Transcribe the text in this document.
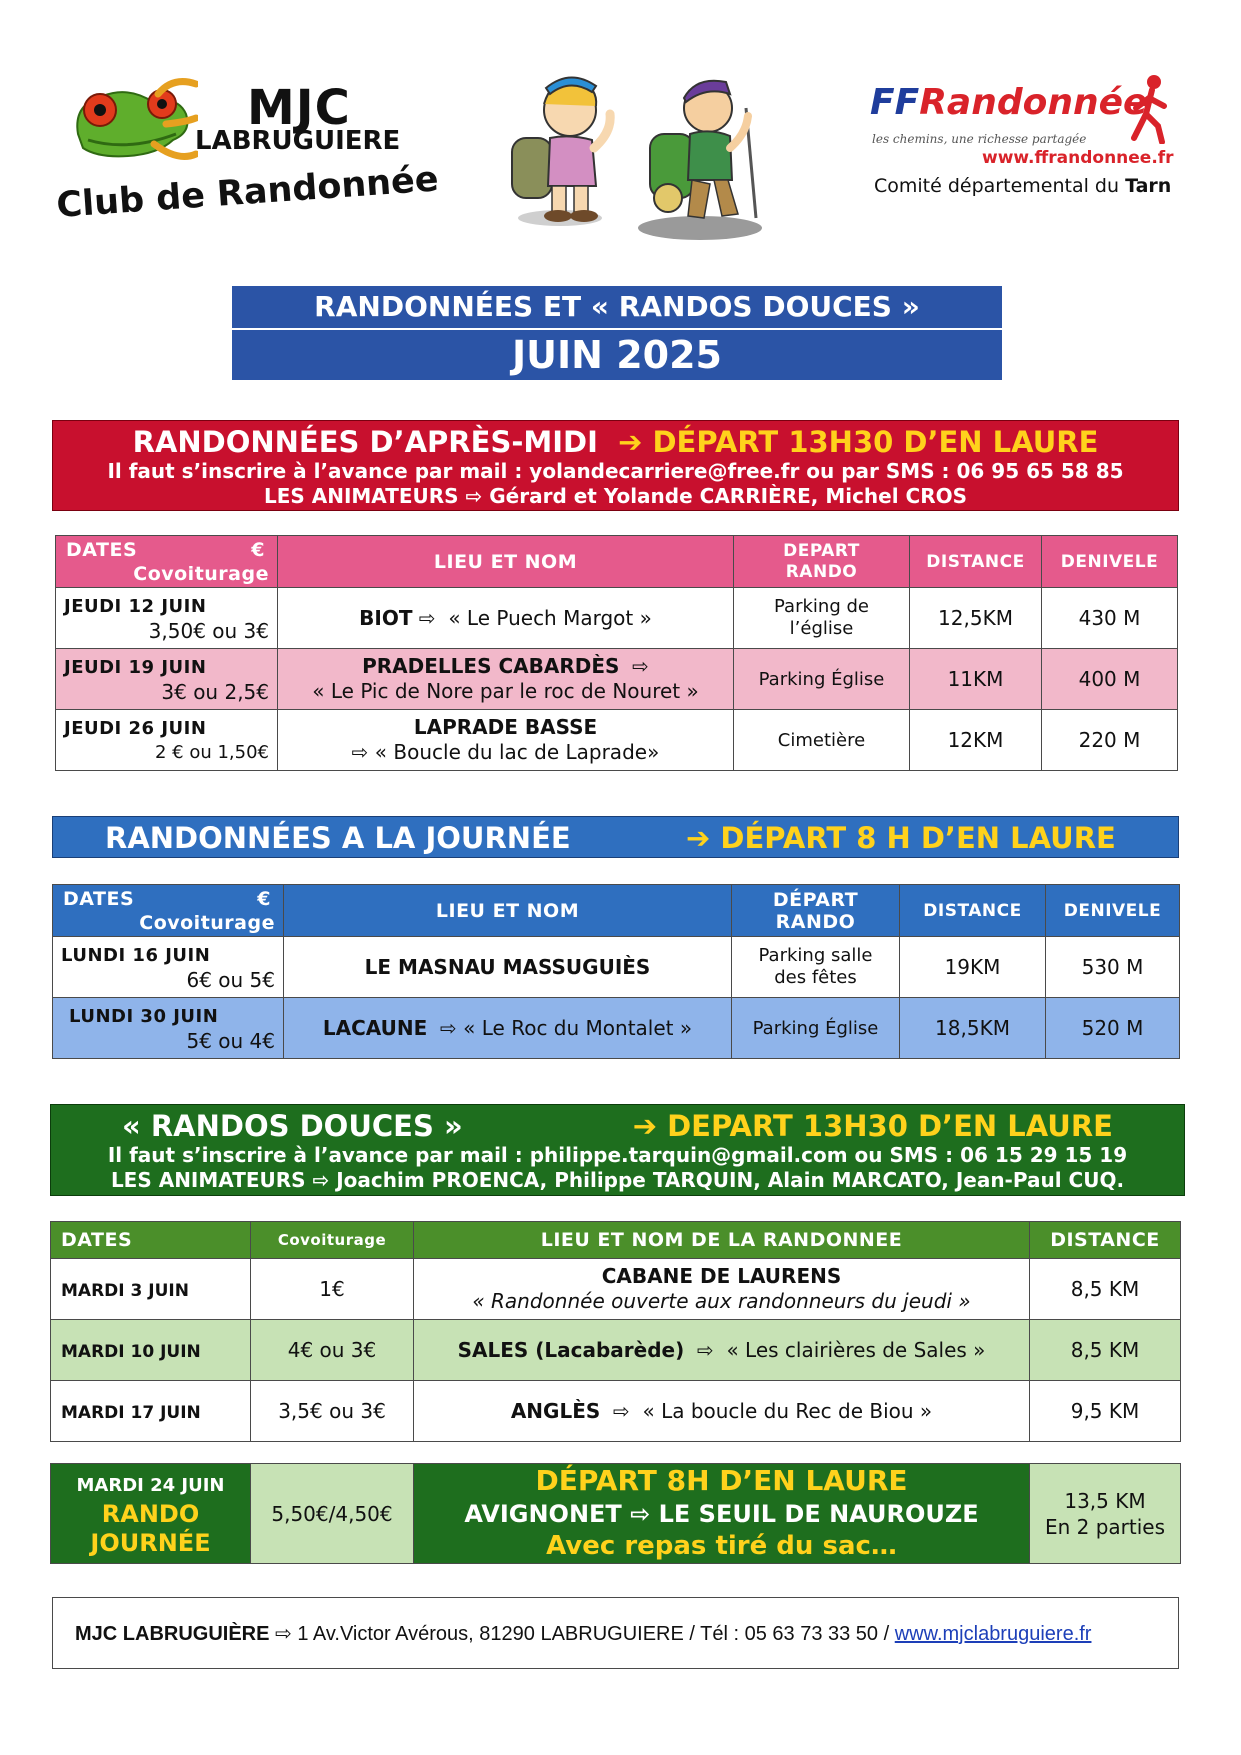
MJC
LABRUGUIERE
Club de Randonnée
FFRandonnée
les chemins, une richesse partagée
www.ffrandonnee.fr
Comité départemental du Tarn
RANDONNÉES ET « RANDOS DOUCES »
JUIN 2025
RANDONNÉES D’APRÈS-MIDI ➔ DÉPART 13H30 D’EN LAURE
Il faut s’inscrire à l’avance par mail : yolandecarriere@free.fr ou par SMS : 06 95 65 58 85
LES ANIMATEURS ⇨ Gérard et Yolande CARRIÈRE, Michel CROS
DATES €

Covoiturage	LIEU ET NOM	DEPART RANDO	DISTANCE	DENIVELE
JEUDI 12 JUIN
3,50€ ou 3€	BIOT ⇨  « Le Puech Margot »	Parking de l’église	12,5KM	430 M
JEUDI 19 JUIN
3€ ou 2,5€	PRADELLES CABARDÈS  ⇨
« Le Pic de Nore par le roc de Nouret »	Parking Église	11KM	400 M
JEUDI 26 JUIN
2 € ou 1,50€	LAPRADE BASSE
⇨ « Boucle du lac de Laprade»	Cimetière	12KM	220 M
RANDONNÉES A LA JOURNÉE	➔ DÉPART 8 H D’EN LAURE
DATES €

Covoiturage	LIEU ET NOM	DÉPART RANDO	DISTANCE	DENIVELE
LUNDI 16 JUIN
6€ ou 5€	LE MASNAU MASSUGUIÈS	Parking salle des fêtes	19KM	530 M
LUNDI 30 JUIN
5€ ou 4€	LACAUNE  ⇨ « Le Roc du Montalet »	Parking Église	18,5KM	520 M
« RANDOS DOUCES »	➔ DEPART 13H30 D’EN LAURE
Il faut s’inscrire à l’avance par mail : philippe.tarquin@gmail.com ou SMS : 06 15 29 15 19
LES ANIMATEURS ⇨ Joachim PROENCA, Philippe TARQUIN, Alain MARCATO, Jean-Paul CUQ.
DATES	Covoiturage	LIEU ET NOM DE LA RANDONNEE	DISTANCE
MARDI 3 JUIN	1€	CABANE DE LAURENS
« Randonnée ouverte aux randonneurs du jeudi »	8,5 KM
MARDI 10 JUIN	4€ ou 3€	SALES (Lacabarède)  ⇨  « Les clairières de Sales »	8,5 KM
MARDI 17 JUIN	3,5€ ou 3€	ANGLÈS  ⇨  « La boucle du Rec de Biou »	9,5 KM
MARDI 24 JUIN
RANDO
JOURNÉE	5,50€/4,50€	DÉPART 8H D’EN LAURE
AVIGNONET ⇨ LE SEUIL DE NAUROUZE
Avec repas tiré du sac…	13,5 KM
En 2 parties
MJC LABRUGUIÈRE ⇨ 1 Av.Victor Avérous, 81290 LABRUGUIERE / Tél : 05 63 73 33 50 / www.mjclabruguiere.fr
